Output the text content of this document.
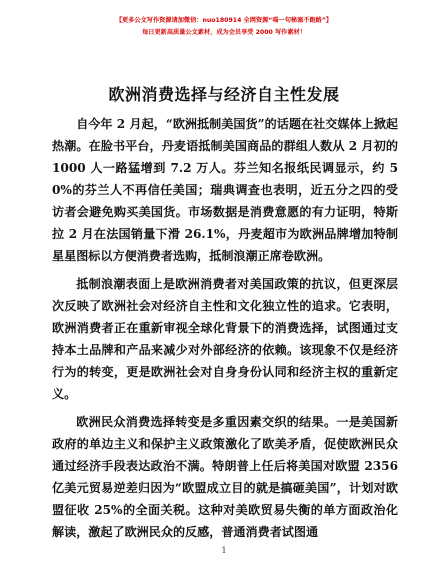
【更多公文写作资源请加微信：nuo180914 全网资源“喵一句秘塞不跑路”】
每日更新高质量公文素材，成为会员享受 2000 写作素材！
欧洲消费选择与经济自主性发展

自今年 2 月起，“欧洲抵制美国货”的话题在社交媒体上掀起热潮。在脸书平台，丹麦语抵制美国商品的群组人数从 2 月初的 1000 人一路猛增到 7.2 万人。芬兰知名报纸民调显示，约 50%的芬兰人不再信任美国；瑞典调查也表明，近五分之四的受访者会避免购买美国货。市场数据是消费意愿的有力证明，特斯拉 2 月在法国销量下滑 26.1%，丹麦超市为欧洲品牌增加特制星星图标以方便消费者选购，抵制浪潮正席卷欧洲。

抵制浪潮表面上是欧洲消费者对美国政策的抗议，但更深层次反映了欧洲社会对经济自主性和文化独立性的追求。它表明，欧洲消费者正在重新审视全球化背景下的消费选择，试图通过支持本土品牌和产品来减少对外部经济的依赖。该现象不仅是经济行为的转变，更是欧洲社会对自身身份认同和经济主权的重新定义。

欧洲民众消费选择转变是多重因素交织的结果。一是美国新政府的单边主义和保护主义政策激化了欧美矛盾，促使欧洲民众通过经济手段表达政治不满。特朗普上任后将美国对欧盟 2356 亿美元贸易逆差归因为“欧盟成立目的就是搞砸美国”，计划对欧盟征收 25%的全面关税。这种对美欧贸易失衡的单方面政治化解读，激起了欧洲民众的反感，普通消费者试图通

1
